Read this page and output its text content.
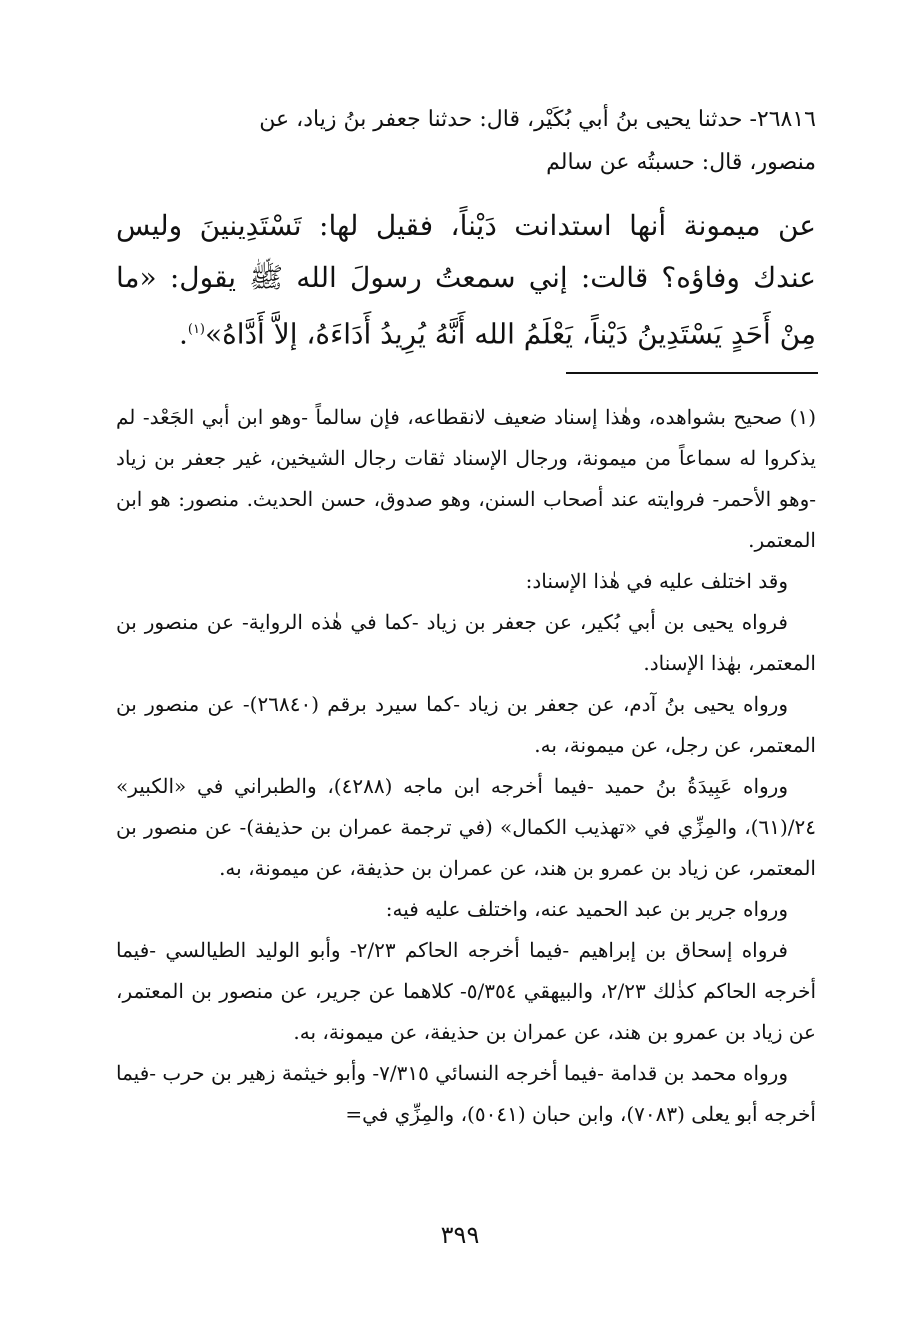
٢٦٨١٦- حدثنا يحيى بنُ أبي بُكَيْر، قال: حدثنا جعفر بنُ زياد، عن
منصور، قال: حسبتُه عن سالم
عن ميمونة أنها استدانت دَيْناً، فقيل لها: تَسْتَدِينينَ وليس عندك وفاؤه؟ قالت: إني سمعتُ رسولَ الله ﷺ يقول: «ما مِنْ أَحَدٍ يَسْتَدِينُ دَيْناً، يَعْلَمُ الله أَنَّهُ يُرِيدُ أَدَاءَهُ، إلاَّ أَدَّاهُ»$^{(١)}$.

(١) صحيح بشواهده، وهٰذا إسناد ضعيف لانقطاعه، فإن سالماً -وهو ابن أبي الجَعْد- لم يذكروا له سماعاً من ميمونة، ورجال الإسناد ثقات رجال الشيخين، غير جعفر بن زياد -وهو الأحمر- فروايته عند أصحاب السنن، وهو صدوق، حسن الحديث. منصور: هو ابن المعتمر.

وقد اختلف عليه في هٰذا الإسناد:

فرواه يحيى بن أبي بُكير، عن جعفر بن زياد -كما في هٰذه الرواية- عن منصور بن المعتمر، بهٰذا الإسناد.

ورواه يحيى بنُ آدم، عن جعفر بن زياد -كما سيرد برقم (٢٦٨٤٠)- عن منصور بن المعتمر، عن رجل، عن ميمونة، به.

ورواه عَبِيدَةُ بنُ حميد -فيما أخرجه ابن ماجه (٤٢٨٨)، والطبراني في «الكبير» ٢٤/(٦١)، والمِزِّي في «تهذيب الكمال» (في ترجمة عمران بن حذيفة)- عن منصور بن المعتمر، عن زياد بن عمرو بن هند، عن عمران بن حذيفة، عن ميمونة، به.

ورواه جرير بن عبد الحميد عنه، واختلف عليه فيه:

فرواه إسحاق بن إبراهيم -فيما أخرجه الحاكم ٢/٢٣- وأبو الوليد الطيالسي -فيما أخرجه الحاكم كذٰلك ٢/٢٣، والبيهقي ٥/٣٥٤- كلاهما عن جرير، عن منصور بن المعتمر، عن زياد بن عمرو بن هند، عن عمران بن حذيفة، عن ميمونة، به.

ورواه محمد بن قدامة -فيما أخرجه النسائي ٧/٣١٥- وأبو خيثمة زهير بن حرب -فيما أخرجه أبو يعلى (٧٠٨٣)، وابن حبان (٥٠٤١)، والمِزِّي في=

٣٩٩
